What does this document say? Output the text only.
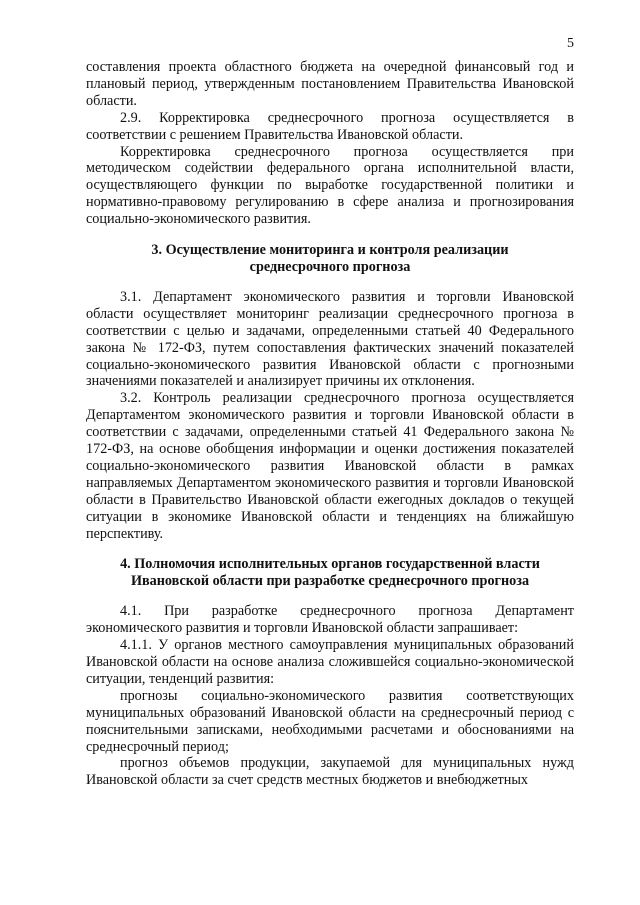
5

составления проекта областного бюджета на очередной финансовый год и плановый период, утвержденным постановлением Правительства Ивановской области.

2.9. Корректировка среднесрочного прогноза осуществляется в соответствии с решением Правительства Ивановской области.

Корректировка среднесрочного прогноза осуществляется при методическом содействии федерального органа исполнительной власти, осуществляющего функции по выработке государственной политики и нормативно-правовому регулированию в сфере анализа и прогнозирования социально-экономического развития.

3. Осуществление мониторинга и контроля реализации

среднесрочного прогноза

3.1. Департамент экономического развития и торговли Ивановской области осуществляет мониторинг реализации среднесрочного прогноза в соответствии с целью и задачами, определенными статьей 40 Федерального закона № 172-ФЗ, путем сопоставления фактических значений показателей социально-экономического развития Ивановской области с прогнозными значениями показателей и анализирует причины их отклонения.

3.2. Контроль реализации среднесрочного прогноза осуществляется Департаментом экономического развития и торговли Ивановской области в соответствии с задачами, определенными статьей 41 Федерального закона № 172-ФЗ, на основе обобщения информации и оценки достижения показателей социально-экономического развития Ивановской области в рамках направляемых Департаментом экономического развития и торговли Ивановской области в Правительство Ивановской области ежегодных докладов о текущей ситуации в экономике Ивановской области и тенденциях на ближайшую перспективу.

4. Полномочия исполнительных органов государственной власти

Ивановской области при разработке среднесрочного прогноза

4.1. При разработке среднесрочного прогноза Департамент экономического развития и торговли Ивановской области запрашивает:

4.1.1. У органов местного самоуправления муниципальных образований Ивановской области на основе анализа сложившейся социально-экономической ситуации, тенденций развития:

прогнозы социально-экономического развития соответствующих муниципальных образований Ивановской области на среднесрочный период с пояснительными записками, необходимыми расчетами и обоснованиями на среднесрочный период;

прогноз объемов продукции, закупаемой для муниципальных нужд Ивановской области за счет средств местных бюджетов и внебюджетных
